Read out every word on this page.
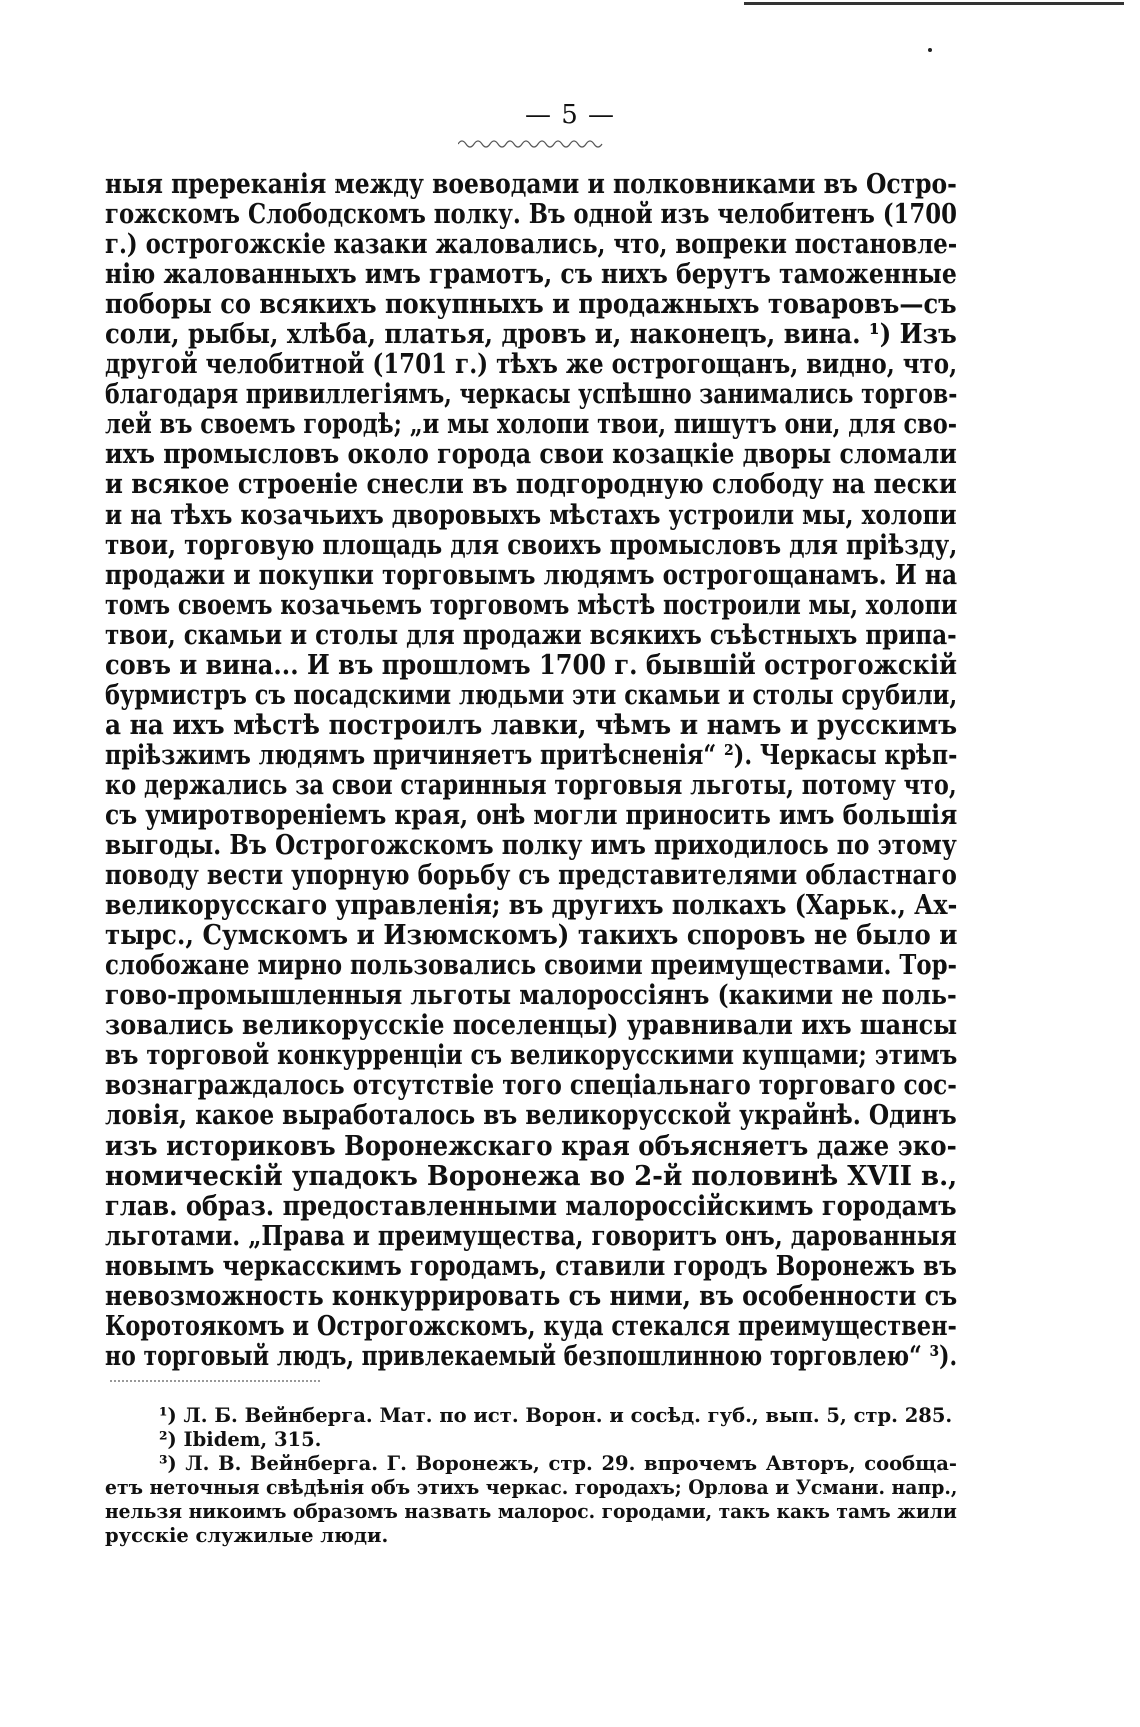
— 5 —
ныя пререканія между воеводами и полковниками въ Остро-
гожскомъ Слободскомъ полку. Въ одной изъ челобитенъ (1700
г.) острогожскіе казаки жаловались, что, вопреки постановле-
нію жалованныхъ имъ грамотъ, съ нихъ берутъ таможенные
поборы со всякихъ покупныхъ и продажныхъ товаровъ—съ
соли, рыбы, хлѣба, платья, дровъ и, наконецъ, вина. ¹) Изъ
другой челобитной (1701 г.) тѣхъ же острогощанъ, видно, что,
благодаря привиллегіямъ, черкасы успѣшно занимались торгов-
лей въ своемъ городѣ; „и мы холопи твои, пишутъ они, для сво-
ихъ промысловъ около города свои козацкіе дворы сломали
и всякое строеніе снесли въ подгородную слободу на пески
и на тѣхъ козачьихъ дворовыхъ мѣстахъ устроили мы, холопи
твои, торговую площадь для своихъ промысловъ для пріѣзду,
продажи и покупки торговымъ людямъ острогощанамъ. И на
томъ своемъ козачьемъ торговомъ мѣстѣ построили мы, холопи
твои, скамьи и столы для продажи всякихъ съѣстныхъ припа-
совъ и вина... И въ прошломъ 1700 г. бывшій острогожскій
бурмистръ съ посадскими людьми эти скамьи и столы срубили,
а на ихъ мѣстѣ построилъ лавки, чѣмъ и намъ и русскимъ
пріѣзжимъ людямъ причиняетъ притѣсненія“ ²). Черкасы крѣп-
ко держались за свои старинныя торговыя льготы, потому что,
съ умиротвореніемъ края, онѣ могли приносить имъ большія
выгоды. Въ Острогожскомъ полку имъ приходилось по этому
поводу вести упорную борьбу съ представителями областнаго
великорусскаго управленія; въ другихъ полкахъ (Харьк., Ах-
тырс., Сумскомъ и Изюмскомъ) такихъ споровъ не было и
слобожане мирно пользовались своими преимуществами. Тор-
гово-промышленныя льготы малороссіянъ (какими не поль-
зовались великорусскіе поселенцы) уравнивали ихъ шансы
въ торговой конкурренціи съ великорусскими купцами; этимъ
вознаграждалось отсутствіе того спеціальнаго торговаго сос-
ловія, какое выработалось въ великорусской украйнѣ. Одинъ
изъ историковъ Воронежскаго края объясняетъ даже эко-
номическій упадокъ Воронежа во 2-й половинѣ XVII в.,
глав. образ. предоставленными малороссійскимъ городамъ
льготами. „Права и преимущества, говоритъ онъ, дарованныя
новымъ черкасскимъ городамъ, ставили городъ Воронежъ въ
невозможность конкуррировать съ ними, въ особенности съ
Коротоякомъ и Острогожскомъ, куда стекался преимуществен-
но торговый людъ, привлекаемый безпошлинною торговлею“ ³).
¹) Л. Б. Вейнберга. Мат. по ист. Ворон. и сосѣд. губ., вып. 5, стр. 285.
²) Ibidem, 315.
³) Л. В. Вейнберга. Г. Воронежъ, стр. 29. впрочемъ Авторъ, сообща-
етъ неточныя свѣдѣнія объ этихъ черкас. городахъ; Орлова и Усмани. напр.,
нельзя никоимъ образомъ назвать малорос. городами, такъ какъ тамъ жили
русскіе служилые люди.
